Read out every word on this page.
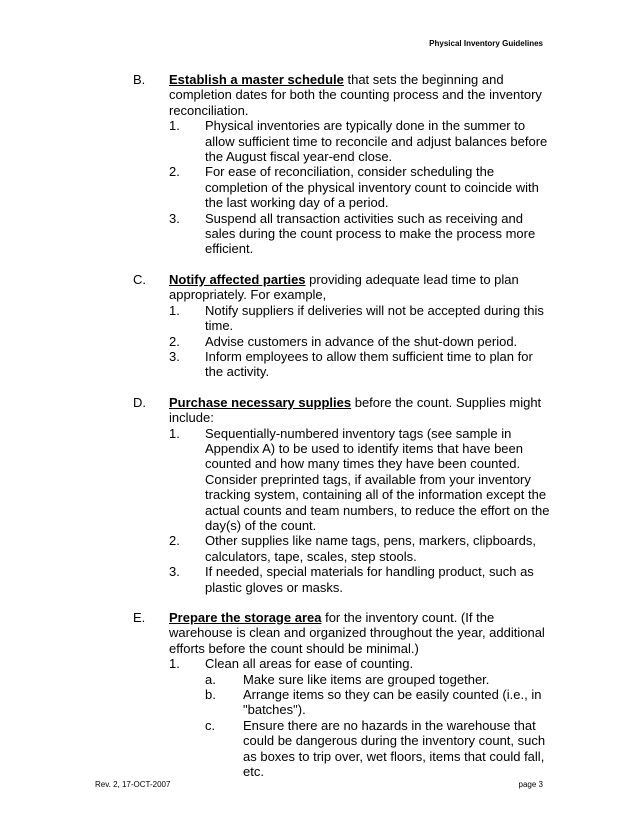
Physical Inventory Guidelines
B.	Establish a master schedule that sets the beginning and completion dates for both the counting process and the inventory reconciliation.
1.	Physical inventories are typically done in the summer to allow sufficient time to reconcile and adjust balances before the August fiscal year-end close.
2.	For ease of reconciliation, consider scheduling the completion of the physical inventory count to coincide with the last working day of a period.
3.	Suspend all transaction activities such as receiving and sales during the count process to make the process more efficient.
C.	Notify affected parties providing adequate lead time to plan appropriately. For example,
1.	Notify suppliers if deliveries will not be accepted during this time.
2.	Advise customers in advance of the shut-down period.
3.	Inform employees to allow them sufficient time to plan for the activity.
D.	Purchase necessary supplies before the count. Supplies might include:
1.	Sequentially-numbered inventory tags (see sample in Appendix A) to be used to identify items that have been counted and how many times they have been counted. Consider preprinted tags, if available from your inventory tracking system, containing all of the information except the actual counts and team numbers, to reduce the effort on the day(s) of the count.
2.	Other supplies like name tags, pens, markers, clipboards, calculators, tape, scales, step stools.
3.	If needed, special materials for handling product, such as plastic gloves or masks.
E.	Prepare the storage area for the inventory count. (If the warehouse is clean and organized throughout the year, additional efforts before the count should be minimal.)
1.	Clean all areas for ease of counting.
a.	Make sure like items are grouped together.
b.	Arrange items so they can be easily counted (i.e., in "batches").
c.	Ensure there are no hazards in the warehouse that could be dangerous during the inventory count, such as boxes to trip over, wet floors, items that could fall, etc.
Rev. 2, 17-OCT-2007	page 3
